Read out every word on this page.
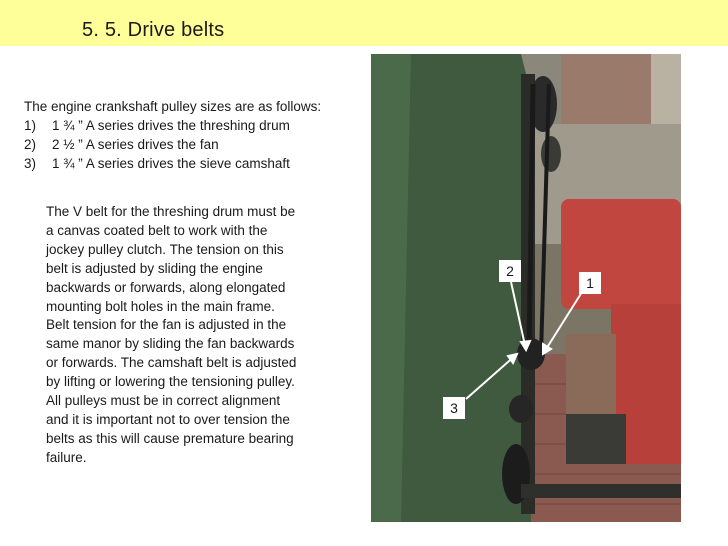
5. 5. Drive belts
The engine crankshaft pulley sizes are as follows:
1) 1 ¾ ” A series drives the threshing drum
2) 2 ½ ” A series drives the fan
3) 1 ¾ ” A series drives the sieve camshaft
The V belt for the threshing drum must be
a canvas coated belt to work with the
jockey pulley clutch. The tension on this
belt is adjusted by sliding the engine
backwards or forwards, along elongated
mounting bolt holes in the main frame.
Belt tension for the fan is adjusted in the
same manor by sliding the fan backwards
or forwards. The camshaft belt is adjusted
by lifting or lowering the tensioning pulley.
All pulleys must be in correct alignment
and it is important not to over tension the
belts as this will cause premature bearing
failure.
1
2
3
